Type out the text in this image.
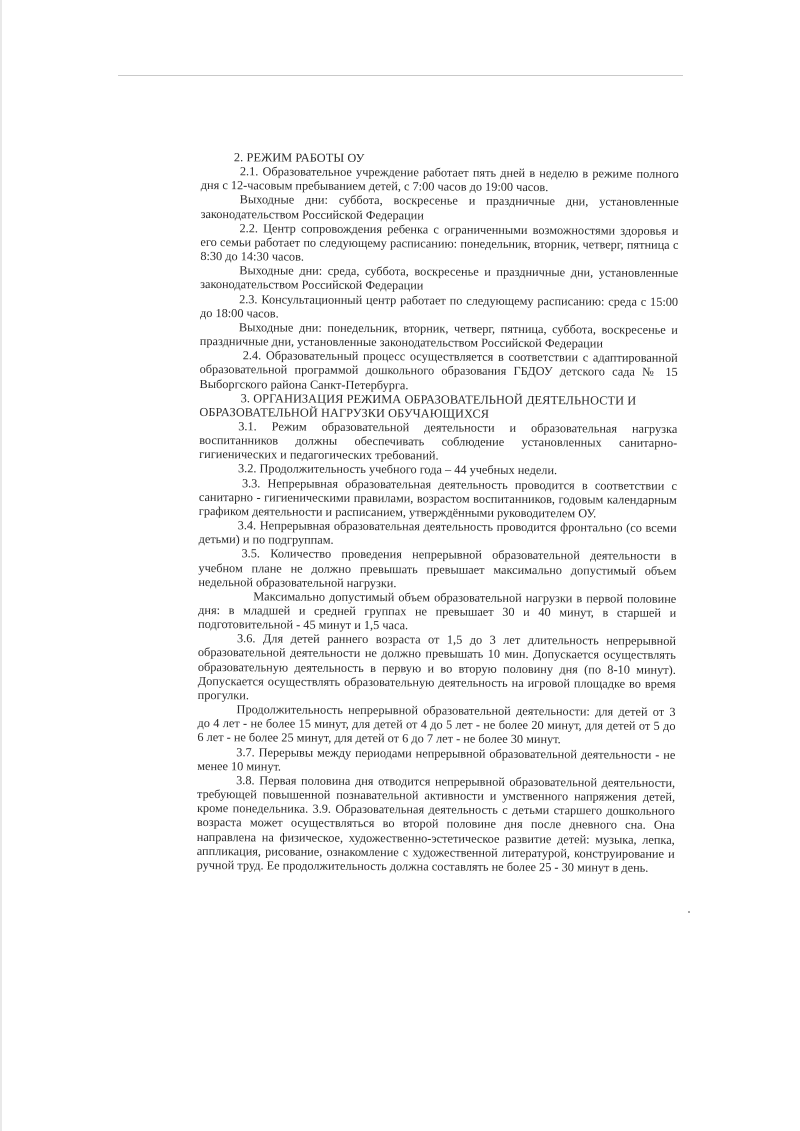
2. РЕЖИМ РАБОТЫ ОУ

2.1. Образовательное учреждение работает пять дней в неделю в режиме полного дня с 12-часовым пребыванием детей, с 7:00 часов до 19:00 часов.

Выходные дни: суббота, воскресенье и праздничные дни, установленные законодательством Российской Федерации

2.2. Центр сопровождения ребенка с ограниченными возможностями здоровья и его семьи работает по следующему расписанию: понедельник, вторник, четверг, пятница с 8:30 до 14:30 часов.

Выходные дни: среда, суббота, воскресенье и праздничные дни, установленные законодательством Российской Федерации

2.3. Консультационный центр работает по следующему расписанию: среда с 15:00 до 18:00 часов.

Выходные дни: понедельник, вторник, четверг, пятница, суббота, воскресенье и праздничные дни, установленные законодательством Российской Федерации

2.4. Образовательный процесс осуществляется в соответствии с адаптированной образовательной программой дошкольного образования ГБДОУ детского сада № 15 Выборгского района Санкт-Петербурга.

3. ОРГАНИЗАЦИЯ РЕЖИМА ОБРАЗОВАТЕЛЬНОЙ ДЕЯТЕЛЬНОСТИ И

ОБРАЗОВАТЕЛЬНОЙ НАГРУЗКИ ОБУЧАЮЩИХСЯ

3.1. Режим образовательной деятельности и образовательная нагрузка воспитанников должны обеспечивать соблюдение установленных санитарно-гигиенических и педагогических требований.

3.2. Продолжительность учебного года – 44 учебных недели.

3.3. Непрерывная образовательная деятельность проводится в соответствии с санитарно - гигиеническими правилами, возрастом воспитанников, годовым календарным графиком деятельности и расписанием, утверждёнными руководителем ОУ.

3.4. Непрерывная образовательная деятельность проводится фронтально (со всеми детьми) и по подгруппам.

3.5. Количество проведения непрерывной образовательной деятельности в учебном плане не должно превышать превышает максимально допустимый объем недельной образовательной нагрузки.

Максимально допустимый объем образовательной нагрузки в первой половине дня: в младшей и средней группах не превышает 30 и 40 минут, в старшей и подготовительной - 45 минут и 1,5 часа.

3.6. Для детей раннего возраста от 1,5 до 3 лет длительность непрерывной образовательной деятельности не должно превышать 10 мин. Допускается осуществлять образовательную деятельность в первую и во вторую половину дня (по 8-10 минут). Допускается осуществлять образовательную деятельность на игровой площадке во время прогулки.

Продолжительность непрерывной образовательной деятельности: для детей от 3 до 4 лет - не более 15 минут, для детей от 4 до 5 лет - не более 20 минут, для детей от 5 до 6 лет - не более 25 минут, для детей от 6 до 7 лет - не более 30 минут.

3.7. Перерывы между периодами непрерывной образовательной деятельности - не менее 10 минут.

3.8. Первая половина дня отводится непрерывной образовательной деятельности, требующей повышенной познавательной активности и умственного напряжения детей, кроме понедельника. 3.9. Образовательная деятельность с детьми старшего дошкольного возраста может осуществляться во второй половине дня после дневного сна. Она направлена на физическое, художественно-эстетическое развитие детей: музыка, лепка, аппликация, рисование, ознакомление с художественной литературой, конструирование и ручной труд. Ее продолжительность должна составлять не более 25 - 30 минут в день.
